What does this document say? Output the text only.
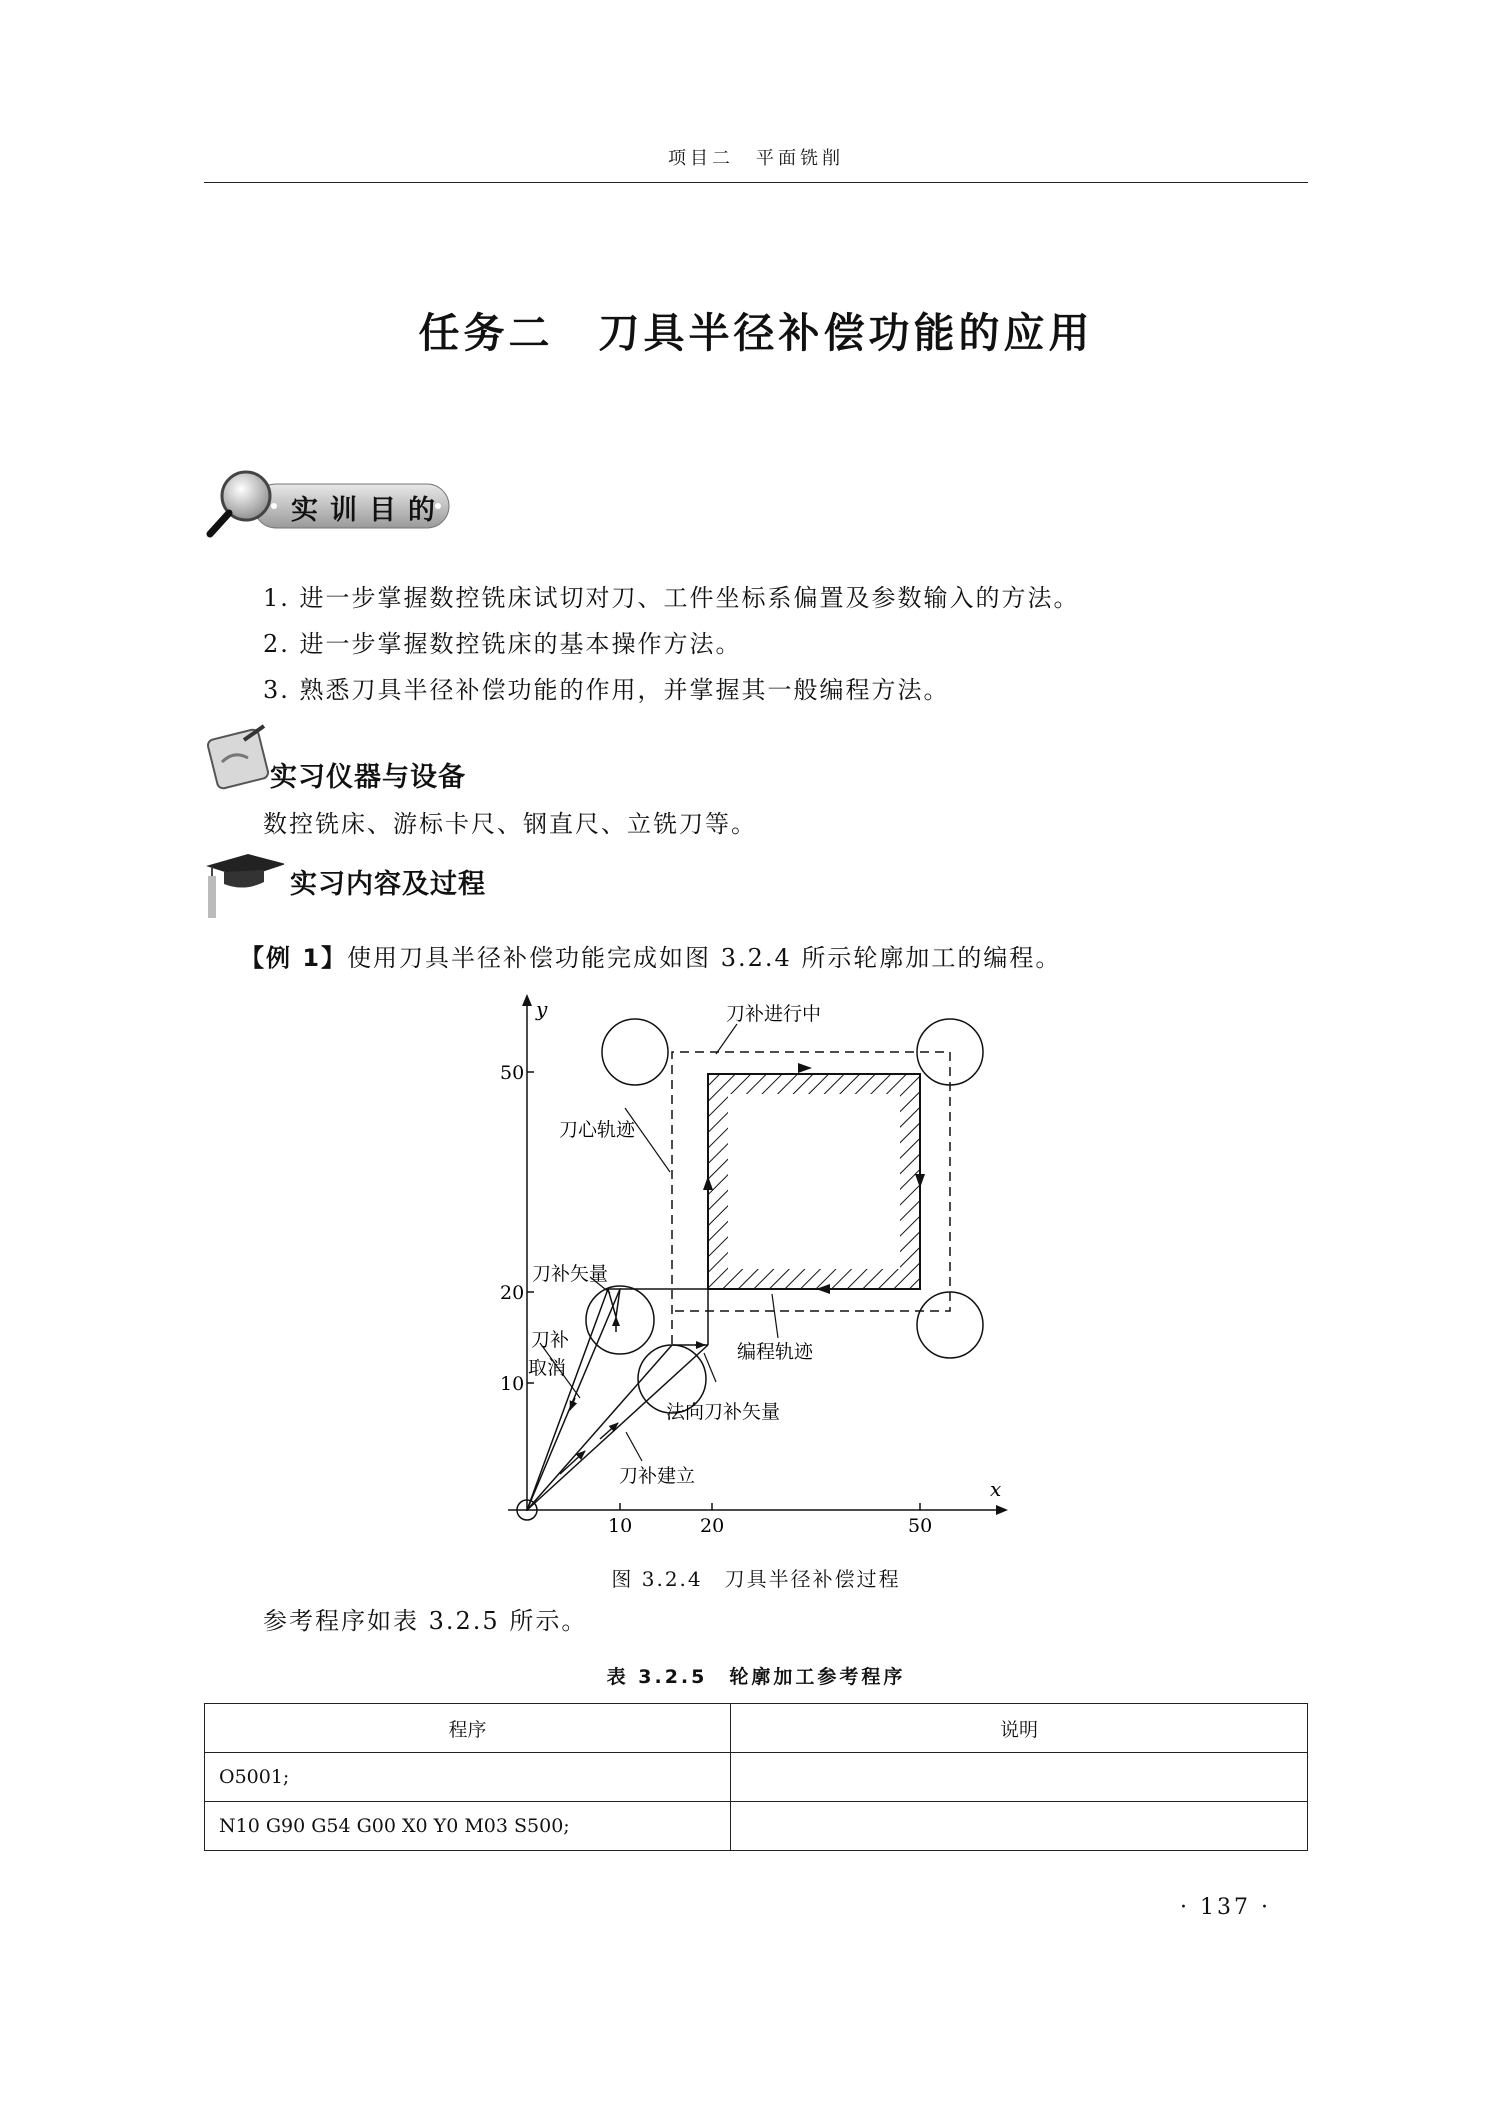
项目二　平面铣削
任务二　刀具半径补偿功能的应用
实训目的
1. 进一步掌握数控铣床试切对刀、工件坐标系偏置及参数输入的方法。
2. 进一步掌握数控铣床的基本操作方法。
3. 熟悉刀具半径补偿功能的作用，并掌握其一般编程方法。
实习仪器与设备
数控铣床、游标卡尺、钢直尺、立铣刀等。
实习内容及过程
【例 1】使用刀具半径补偿功能完成如图 3.2.4 所示轮廓加工的编程。
y
x
50
20
10
10	20	50
刀补进行中
刀心轨迹
刀补矢量
刀补
取消
编程轨迹
法向刀补矢量
刀补建立
图 3.2.4　刀具半径补偿过程
参考程序如表 3.2.5 所示。
表 3.2.5　轮廓加工参考程序
程序	说明
O5001;	
N10 G90 G54 G00 X0 Y0 M03 S500;	
· 137 ·
